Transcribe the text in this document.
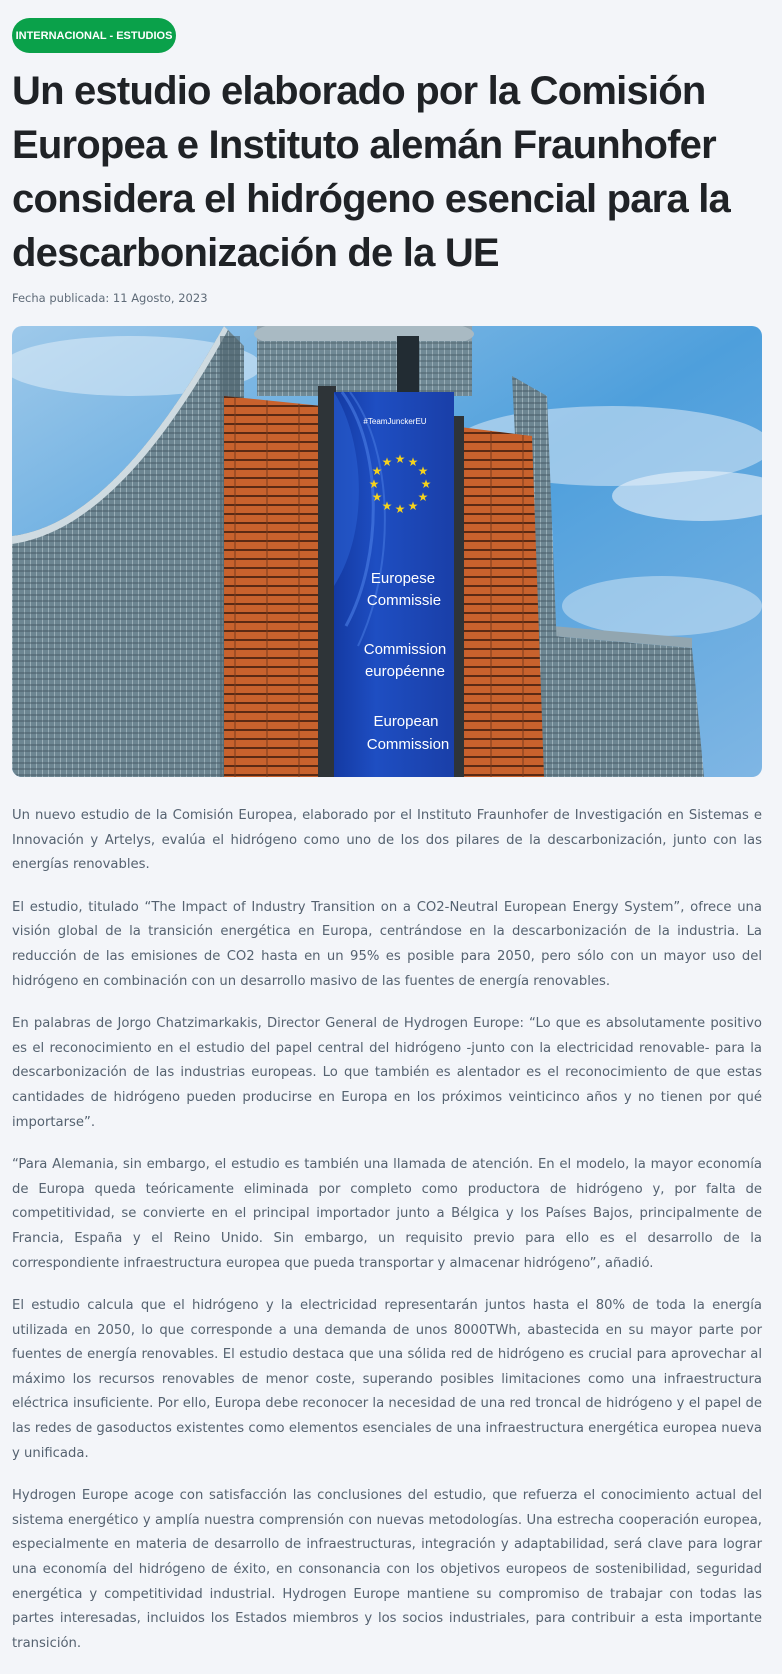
INTERNACIONAL - ESTUDIOS
Un estudio elaborado por la Comisión Europea e Instituto alemán Fraunhofer considera el hidrógeno esencial para la descarbonización de la UE
Fecha publicada: 11 Agosto, 2023
★ ★
★
★
★
★
★
★
★
★
★
★
#TeamJunckerEU
Europese
Commissie
Commission
européenne
European
Commission

Un nuevo estudio de la Comisión Europea, elaborado por el Instituto Fraunhofer de Investigación en Sistemas e Innovación y Artelys, evalúa el hidrógeno como uno de los dos pilares de la descarbonización, junto con las energías renovables.

El estudio, titulado “The Impact of Industry Transition on a CO2-Neutral European Energy System”, ofrece una visión global de la transición energética en Europa, centrándose en la descarbonización de la industria. La reducción de las emisiones de CO2 hasta en un 95% es posible para 2050, pero sólo con un mayor uso del hidrógeno en combinación con un desarrollo masivo de las fuentes de energía renovables.

En palabras de Jorgo Chatzimarkakis, Director General de Hydrogen Europe: “Lo que es absolutamente positivo es el reconocimiento en el estudio del papel central del hidrógeno -junto con la electricidad renovable- para la descarbonización de las industrias europeas. Lo que también es alentador es el reconocimiento de que estas cantidades de hidrógeno pueden producirse en Europa en los próximos veinticinco años y no tienen por qué importarse”.

“Para Alemania, sin embargo, el estudio es también una llamada de atención. En el modelo, la mayor economía de Europa queda teóricamente eliminada por completo como productora de hidrógeno y, por falta de competitividad, se convierte en el principal importador junto a Bélgica y los Países Bajos, principalmente de Francia, España y el Reino Unido. Sin embargo, un requisito previo para ello es el desarrollo de la correspondiente infraestructura europea que pueda transportar y almacenar hidrógeno”, añadió.

El estudio calcula que el hidrógeno y la electricidad representarán juntos hasta el 80% de toda la energía utilizada en 2050, lo que corresponde a una demanda de unos 8000TWh, abastecida en su mayor parte por fuentes de energía renovables. El estudio destaca que una sólida red de hidrógeno es crucial para aprovechar al máximo los recursos renovables de menor coste, superando posibles limitaciones como una infraestructura eléctrica insuficiente. Por ello, Europa debe reconocer la necesidad de una red troncal de hidrógeno y el papel de las redes de gasoductos existentes como elementos esenciales de una infraestructura energética europea nueva y unificada.

Hydrogen Europe acoge con satisfacción las conclusiones del estudio, que refuerza el conocimiento actual del sistema energético y amplía nuestra comprensión con nuevas metodologías. Una estrecha cooperación europea, especialmente en materia de desarrollo de infraestructuras, integración y adaptabilidad, será clave para lograr una economía del hidrógeno de éxito, en consonancia con los objetivos europeos de sostenibilidad, seguridad energética y competitividad industrial. Hydrogen Europe mantiene su compromiso de trabajar con todas las partes interesadas, incluidos los Estados miembros y los socios industriales, para contribuir a esta importante transición.
